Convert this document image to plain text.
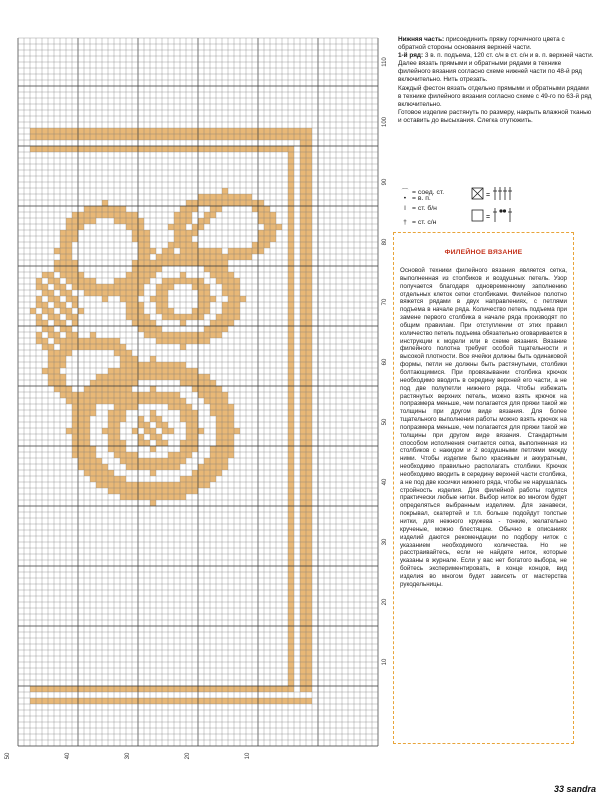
110
100
90
80
70
60
50
40
30
20
10
50	40	30	20	10

Нижняя часть: присоединить пряжу горчичного цвета с обратной стороны основания верхней части.

1-й ряд: 3 в. п. подъема, 120 ст. с/н в ст. с/н и в. п. верхней части.

Далее вязать прямыми и обратными рядами в технике филейного вязания согласно схеме нижней части по 48-й ряд включительно. Нить отрезать.

Каждый фестон вязать отдельно прямыми и обратными рядами в технике филейного вязания согласно схеме с 49-го по 63-й ряд включительно.

Готовое изделие растянуть по размеру, накрыть влажной тканью и оставить до высыхания. Слегка отутюжить.

⌒ = соед. ст.
• = в. п.
ǀ = ст. б/н
† = ст. с/н
=
=
ФИЛЕЙНОЕ ВЯЗАНИЕ
Основой техники филейного вязания является сетка, выполненная из столбиков и воздушных петель. Узор получается благодаря одновременному заполнению отдельных клеток сетки столбиками. Филейное полотно вяжется рядами в двух направлениях, с петлями подъема в начале ряда. Количество петель подъема при замене первого столбика в начале ряда производят по общим правилам. При отступлении от этих правил количество петель подъема обязательно оговаривается в инструкции к модели или в схеме вязания. Вязание филейного полотна требует особой тщательности и высокой плотности. Все ячейки должны быть одинаковой формы, петли не должны быть растянутыми, столбики болтающимися. При провязывании столбика крючок необходимо вводить в середину верхней его части, а не под две полупетли нижнего ряда. Чтобы избежать растянутых верхних петель, можно взять крючок на полразмера меньше, чем полагается для пряжи такой же толщины при другом виде вязания. Для более тщательного выполнения работы можно взять крючок на полразмера меньше, чем полагается для пряжи такой же толщины при другом виде вязания. Стандартным способом исполнения считается сетка, выполненная из столбиков с накидом и 2 воздушными петлями между ними. Чтобы изделие было красивым и аккуратным, необходимо правильно располагать столбики. Крючок необходимо вводить в середину верхней части столбика, а не под две косички нижнего ряда, чтобы не нарушалась стройность изделия. Для филейной работы годятся практически любые нитки. Выбор ниток во многом будет определяться выбранным изделием. Для занавеси, покрывал, скатертей и т.п. больше подойдут толстые нитки, для нежного кружева - тонкие, желательно крученые, можно блестящие. Обычно в описаниях изделий даются рекомендации по подбору ниток с указанием необходимого количества. Но не расстраивайтесь, если не найдете ниток, которые указаны в журнале. Если у вас нет богатого выбора, не бойтесь экспериментировать, в конце концов, вид изделия во многом будет зависеть от мастерства рукодельницы.
33 sandra
